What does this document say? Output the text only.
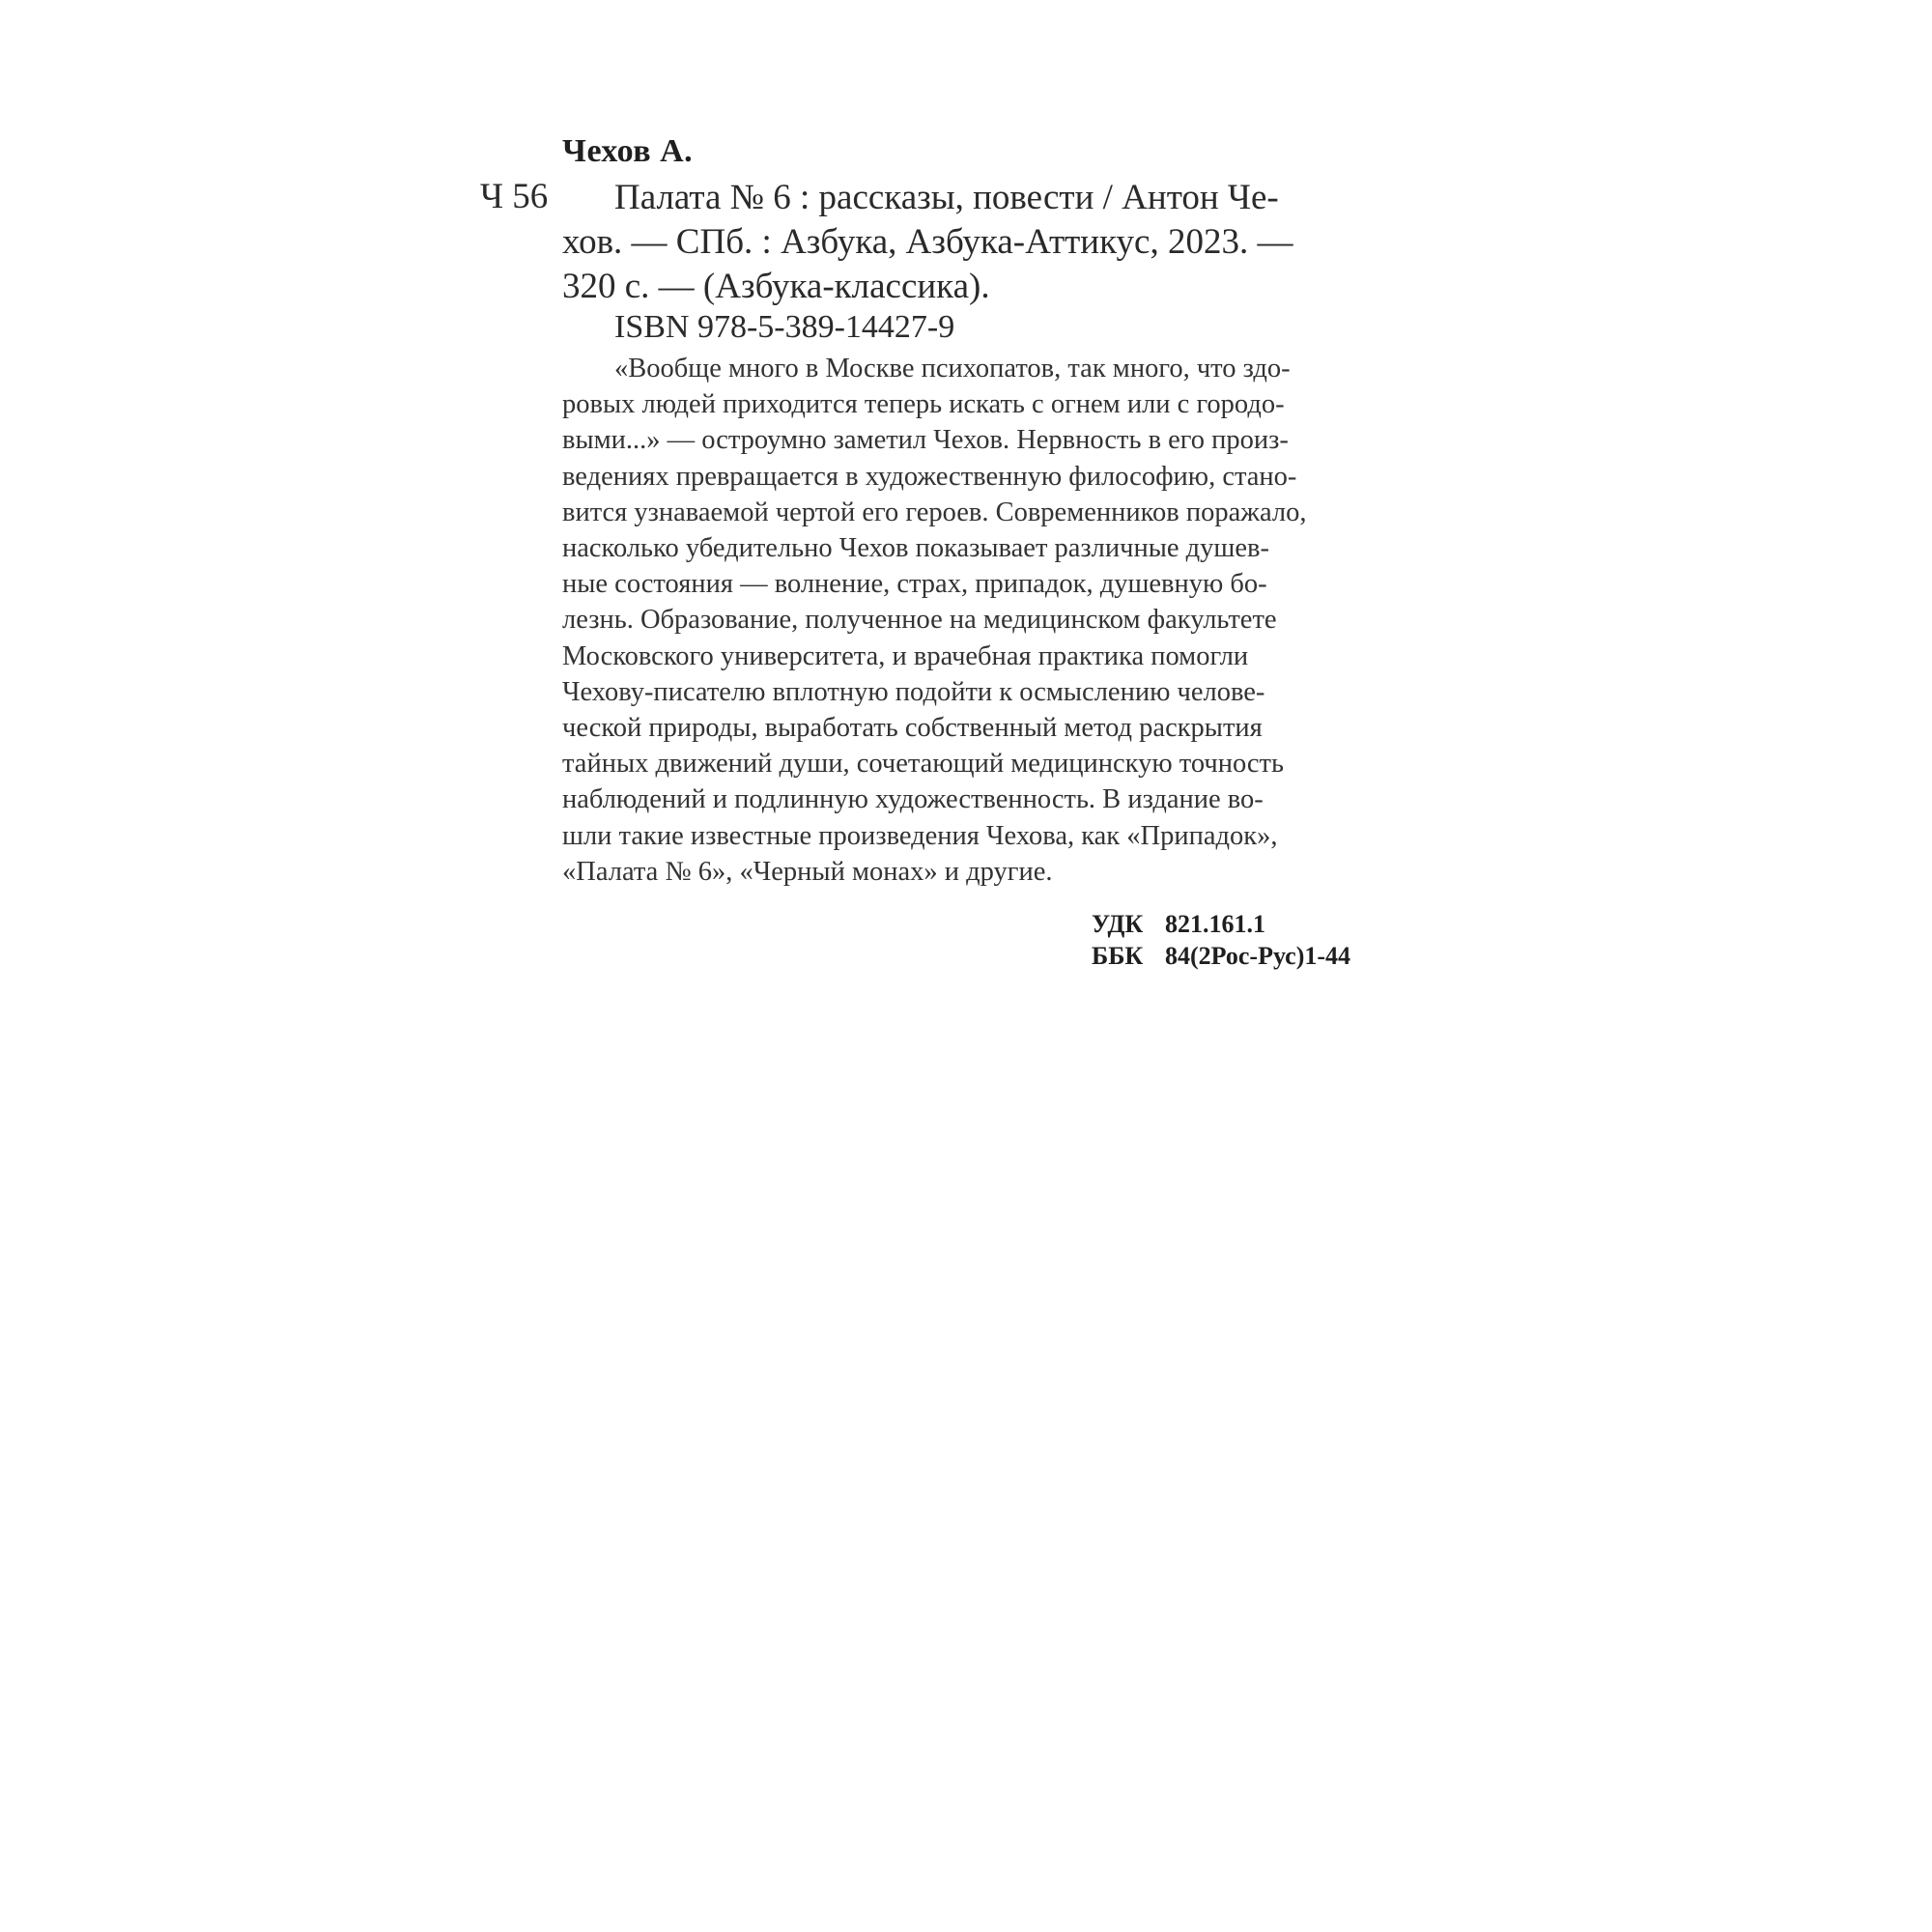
Чехов А.
Ч 56	Палата № 6 : рассказы, повести / Антон Че-
хов. — СПб. : Азбука, Азбука-Аттикус, 2023. —
320 с. — (Азбука-классика).
ISBN 978-5-389-14427-9
«Вообще много в Москве психопатов, так много, что здо-
ровых людей приходится теперь искать с огнем или с городо-
выми...» — остроумно заметил Чехов. Нервность в его произ-
ведениях превращается в художественную философию, стано-
вится узнаваемой чертой его героев. Современников поражало,
насколько убедительно Чехов показывает различные душев-
ные состояния — волнение, страх, припадок, душевную бо-
лезнь. Образование, полученное на медицинском факультете
Московского университета, и врачебная практика помогли
Чехову-писателю вплотную подойти к осмыслению челове-
ческой природы, выработать собственный метод раскрытия
тайных движений души, сочетающий медицинскую точность
наблюдений и подлинную художественность. В издание во-
шли такие известные произведения Чехова, как «Припадок»,
«Палата № 6», «Черный монах» и другие.
УДК 821.161.1
ББК 84(2Рос-Рус)1-44
